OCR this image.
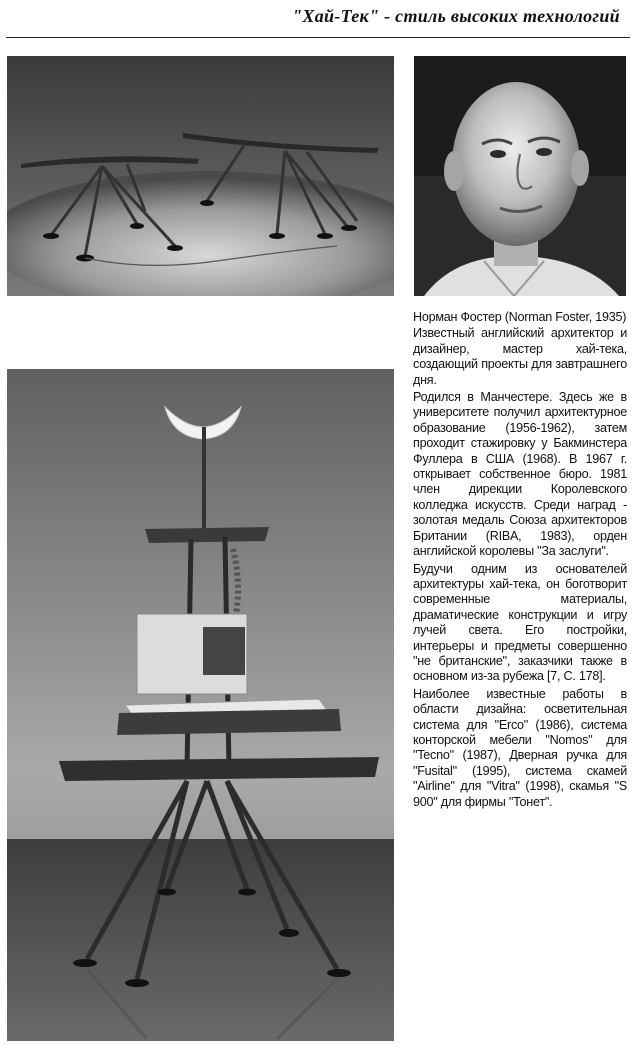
"Хай-Тек" - стиль высоких технологий

Норман Фостер (Norman Foster, 1935)

Известный английский архитектор и дизайнер, мастер хай-тека, создающий проекты для завтрашнего дня.

Родился в Манчестере. Здесь же в университете получил архитектурное образование (1956-1962), затем проходит стажировку у Бакминстера Фуллера в США (1968). В 1967 г. открывает собственное бюро. 1981 член дирекции Королевского колледжа искусств. Среди наград - золотая медаль Союза архитекторов Британии (RIBA, 1983), орден английской королевы "За заслуги".

Будучи одним из основателей архитектуры хай-тека, он боготворит современные материалы, драматические конструкции и игру лучей света. Его постройки, интерьеры и предметы совершенно "не британские", заказчики также в основном из-за рубежа [7, С. 178].

Наиболее известные работы в области дизайна: осветительная система для "Erco" (1986), система конторской мебели "Nomos" для "Tecno" (1987), Дверная ручка для "Fusital" (1995), система скамей "Airline" для "Vitra" (1998), скамья "S 900" для фирмы "Тонет".
